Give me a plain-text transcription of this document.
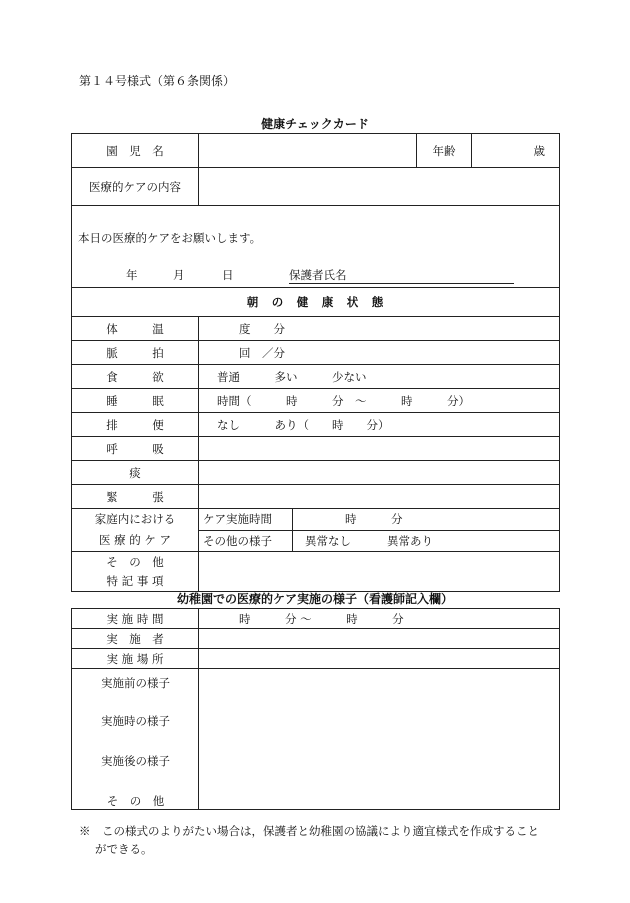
第１４号様式（第６条関係）
健康チェックカード
園　児　名			年齢	歳
医療的ケアの内容				

本日の医療的ケアをお願いします。
年 月 日 保護者氏名				

朝　の　健　康　状　態				
体　　　温	度　　分			
脈　　　拍	回　／分			
食　　　欲	普通　　　多い　　　少ない			
睡　　　眠	時間（　　　時　　　分　～　　　時　　　分）			
排　　　便	なし　　　あり（　　時　　分）			
呼　　　吸				
痰				
緊　　　張				

家庭内における
医 療 的 ケ ア	ケア実施時間	時　　　分		
	その他の様子	異常なし 異常あり		

そ　の　他
特 記 事 項				

幼稚園での医療的ケア実施の様子（看護師記入欄）
実 施 時 間	時　　　分 ～　　　時　　　分
実　施　者	
実 施 場 所	

実施前の様子
実施時の様子
実施後の様子
そ　の　他	

※　この様式のよりがたい場合は，保護者と幼稚園の協議により適宜様式を作成すること
ができる。
